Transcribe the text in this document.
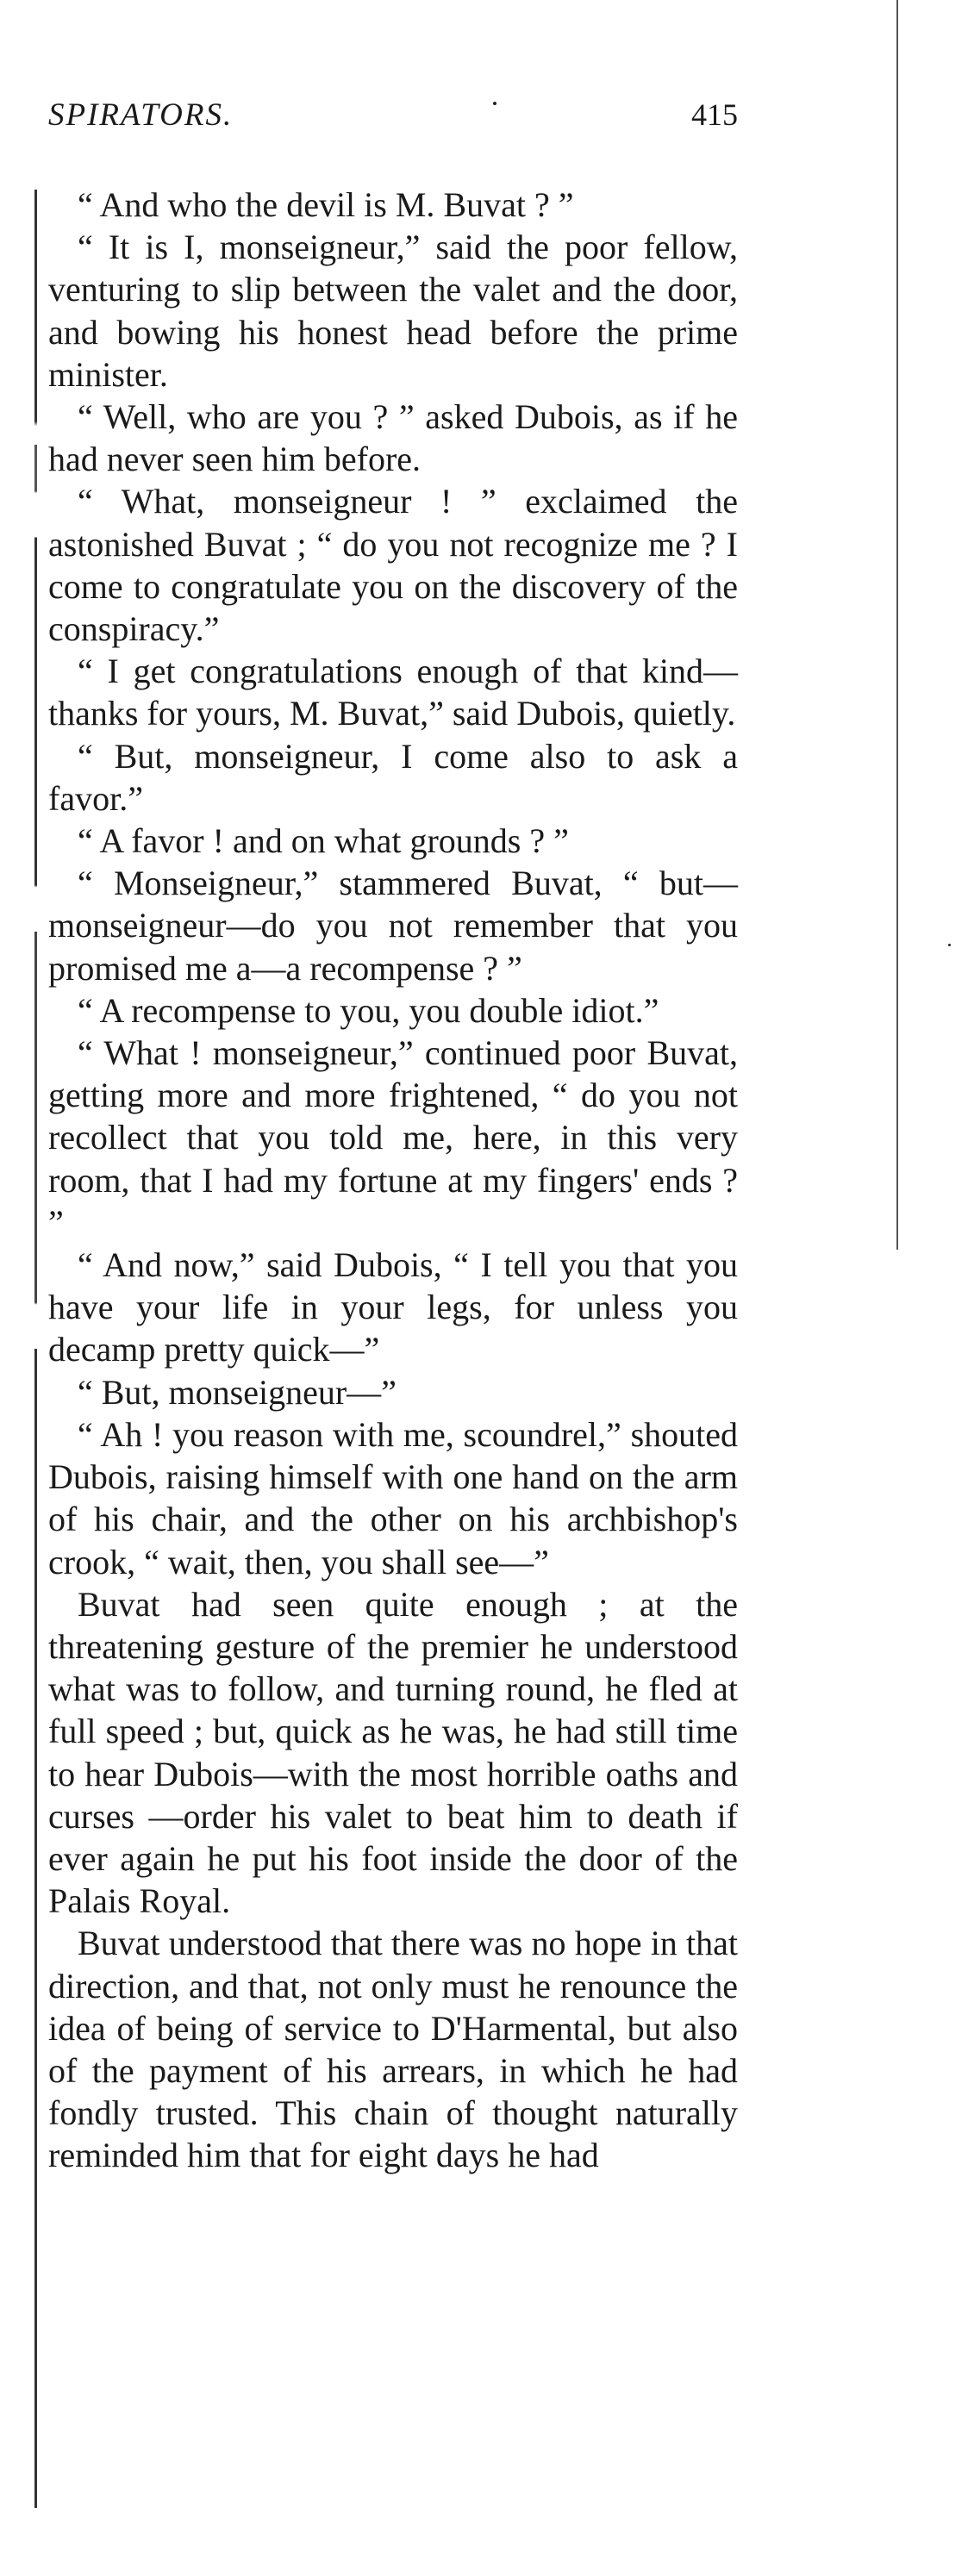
SPIRATORS.	415

“ And who the devil is M. Buvat ? ”

“ It is I, monseigneur,” said the poor fellow, venturing to slip between the valet and the door, and bowing his honest head before the prime minister.

“ Well, who are you ? ” asked Dubois, as if he had never seen him before.

“ What, monseigneur ! ” exclaimed the astonished Buvat ; “ do you not recognize me ? I come to congratulate you on the discovery of the conspiracy.”

“ I get congratulations enough of that kind—thanks for yours, M. Buvat,” said Dubois, quietly.

“ But, monseigneur, I come also to ask a favor.”

“ A favor ! and on what grounds ? ”

“ Monseigneur,” stammered Buvat, “ but—monseigneur—do you not remember that you promised me a—a recompense ? ”

“ A recompense to you, you double idiot.”

“ What ! monseigneur,” continued poor Buvat, getting more and more frightened, “ do you not recollect that you told me, here, in this very room, that I had my fortune at my fingers' ends ? ”

“ And now,” said Dubois, “ I tell you that you have your life in your legs, for unless you decamp pretty quick—”

“ But, monseigneur—”

“ Ah ! you reason with me, scoundrel,” shouted Dubois, raising himself with one hand on the arm of his chair, and the other on his archbishop's crook, “ wait, then, you shall see—”

Buvat had seen quite enough ; at the threatening gesture of the premier he understood what was to follow, and turning round, he fled at full speed ; but, quick as he was, he had still time to hear Dubois—with the most horrible oaths and curses —order his valet to beat him to death if ever again he put his foot inside the door of the Palais Royal.

Buvat understood that there was no hope in that direction, and that, not only must he renounce the idea of being of service to D'Harmental, but also of the payment of his arrears, in which he had fondly trusted. This chain of thought naturally reminded him that for eight days he had
